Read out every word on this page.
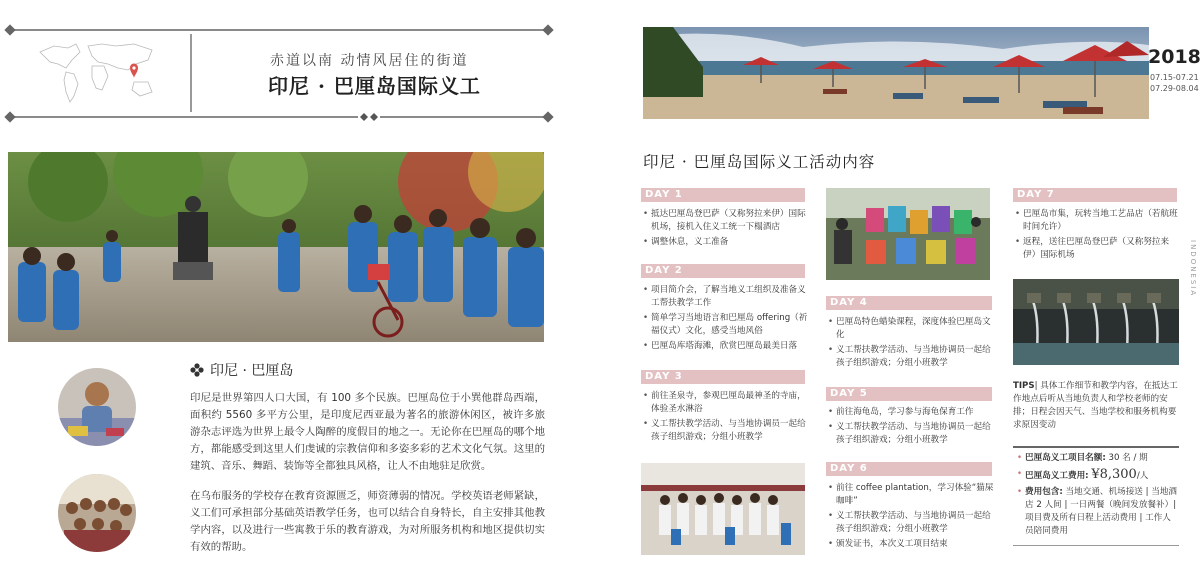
赤道以南 动情风居住的街道
印尼 · 巴厘岛国际义工
印尼 · 巴厘岛

印尼是世界第四人口大国，有 100 多个民族。巴厘岛位于小巽他群岛西端，面积约 5560 多平方公里，是印度尼西亚最为著名的旅游休闲区，被许多旅游杂志评选为世界上最令人陶醉的度假目的地之一。无论你在巴厘岛的哪个地方，都能感受到这里人们虔诚的宗教信仰和多姿多彩的艺术文化气氛。这里的建筑、音乐、舞蹈、装饰等全都独具风格，让人不由地驻足欣赏。

在乌布服务的学校存在教育资源匮乏，师资薄弱的情况。学校英语老师紧缺，义工们可承担部分基础英语教学任务，也可以结合自身特长，自主安排其他教学内容，以及进行一些寓教于乐的教育游戏，为对所服务机构和地区提供切实有效的帮助。

2018
07.15-07.21
07.29-08.04
印尼 · 巴厘岛国际义工活动内容
DAY 1
• 抵达巴厘岛登巴萨（又称努拉来伊）国际机场，接机入住义工统一下榻酒店
• 调整休息，义工准备
DAY 2
• 项目简介会，了解当地义工组织及准备义工帮扶教学工作
• 简单学习当地语言和巴厘岛 offering（祈福仪式）文化，感受当地风俗
• 巴厘岛库塔海滩，欣赏巴厘岛最美日落
DAY 3
• 前往圣泉寺，参观巴厘岛最神圣的寺庙，体验圣水淋浴
• 义工帮扶教学活动、与当地协调员一起给孩子组织游戏；分组小班教学
DAY 4
• 巴厘岛特色蜡染课程，深度体验巴厘岛文化
• 义工帮扶教学活动、与当地协调员一起给孩子组织游戏；分组小班教学
DAY 5
• 前往海龟岛，学习参与海龟保育工作
• 义工帮扶教学活动、与当地协调员一起给孩子组织游戏；分组小班教学
DAY 6
• 前往 coffee plantation，学习体验“猫屎咖啡”
• 义工帮扶教学活动、与当地协调员一起给孩子组织游戏；分组小班教学
• 颁发证书，本次义工项目结束
DAY 7
• 巴厘岛市集，玩转当地工艺品店（若航班时间允许）
• 返程，送往巴厘岛登巴萨（又称努拉来伊）国际机场
TIPS| 具体工作细节和教学内容，在抵达工作地点后听从当地负责人和学校老师的安排；日程会因天气、当地学校和服务机构要求原因变动
• 巴厘岛义工项目名额: 30 名 / 期
• 巴厘岛义工费用: ¥8,300/人
• 费用包含: 当地交通、机场接送 | 当地酒店 2 人间 | 一日两餐（晚间发放餐补）| 项目费及所有日程上活动费用 | 工作人员陪同费用
INDONESIA
